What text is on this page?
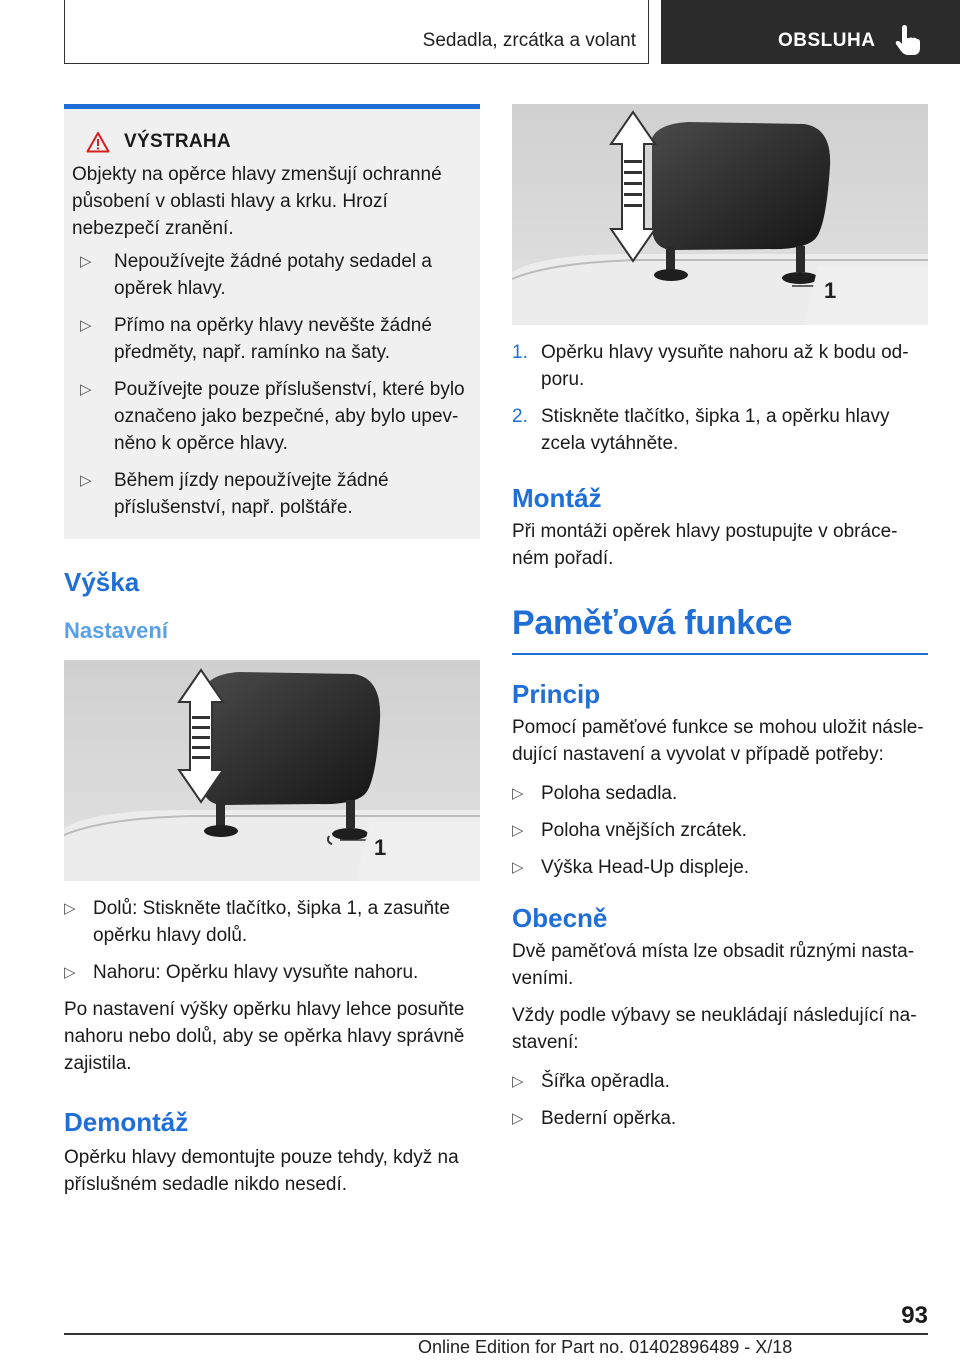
Sedadla, zrcátka a volant	OBSLUHA
VÝSTRAHA

Objekty na opěrce hlavy zmenšují ochranné působení v oblasti hlavy a krku. Hrozí nebezpečí zranění.

▷ Nepoužívejte žádné potahy sedadel a opěrek hlavy.
▷ Přímo na opěrky hlavy nevěšte žádné předměty, např. ramínko na šaty.
▷ Používejte pouze příslušenství, které bylo označeno jako bezpečné, aby bylo upevněno k opěrce hlavy.
▷ Během jízdy nepoužívejte žádné příslušenství, např. polštáře.
Výška
Nastavení
1
▷ Dolů: Stiskněte tlačítko, šipka 1, a zasuňte opěrku hlavy dolů.
▷ Nahoru: Opěrku hlavy vysuňte nahoru.

Po nastavení výšky opěrku hlavy lehce posuňte nahoru nebo dolů, aby se opěrka hlavy správně zajistila.

Demontáž

Opěrku hlavy demontujte pouze tehdy, když na příslušném sedadle nikdo nesedí.

1
1. Opěrku hlavy vysuňte nahoru až k bodu odporu.
2. Stiskněte tlačítko, šipka 1, a opěrku hlavy zcela vytáhněte.
Montáž

Při montáži opěrek hlavy postupujte v obráceném pořadí.

Paměťová funkce
Princip

Pomocí paměťové funkce se mohou uložit následující nastavení a vyvolat v případě potřeby:

▷ Poloha sedadla.
▷ Poloha vnějších zrcátek.
▷ Výška Head-Up displeje.
Obecně

Dvě paměťová místa lze obsadit různými nastaveními.

Vždy podle výbavy se neukládají následující nastavení:

▷ Šířka opěradla.
▷ Bederní opěrka.
93
Online Edition for Part no. 01402896489 - X/18
